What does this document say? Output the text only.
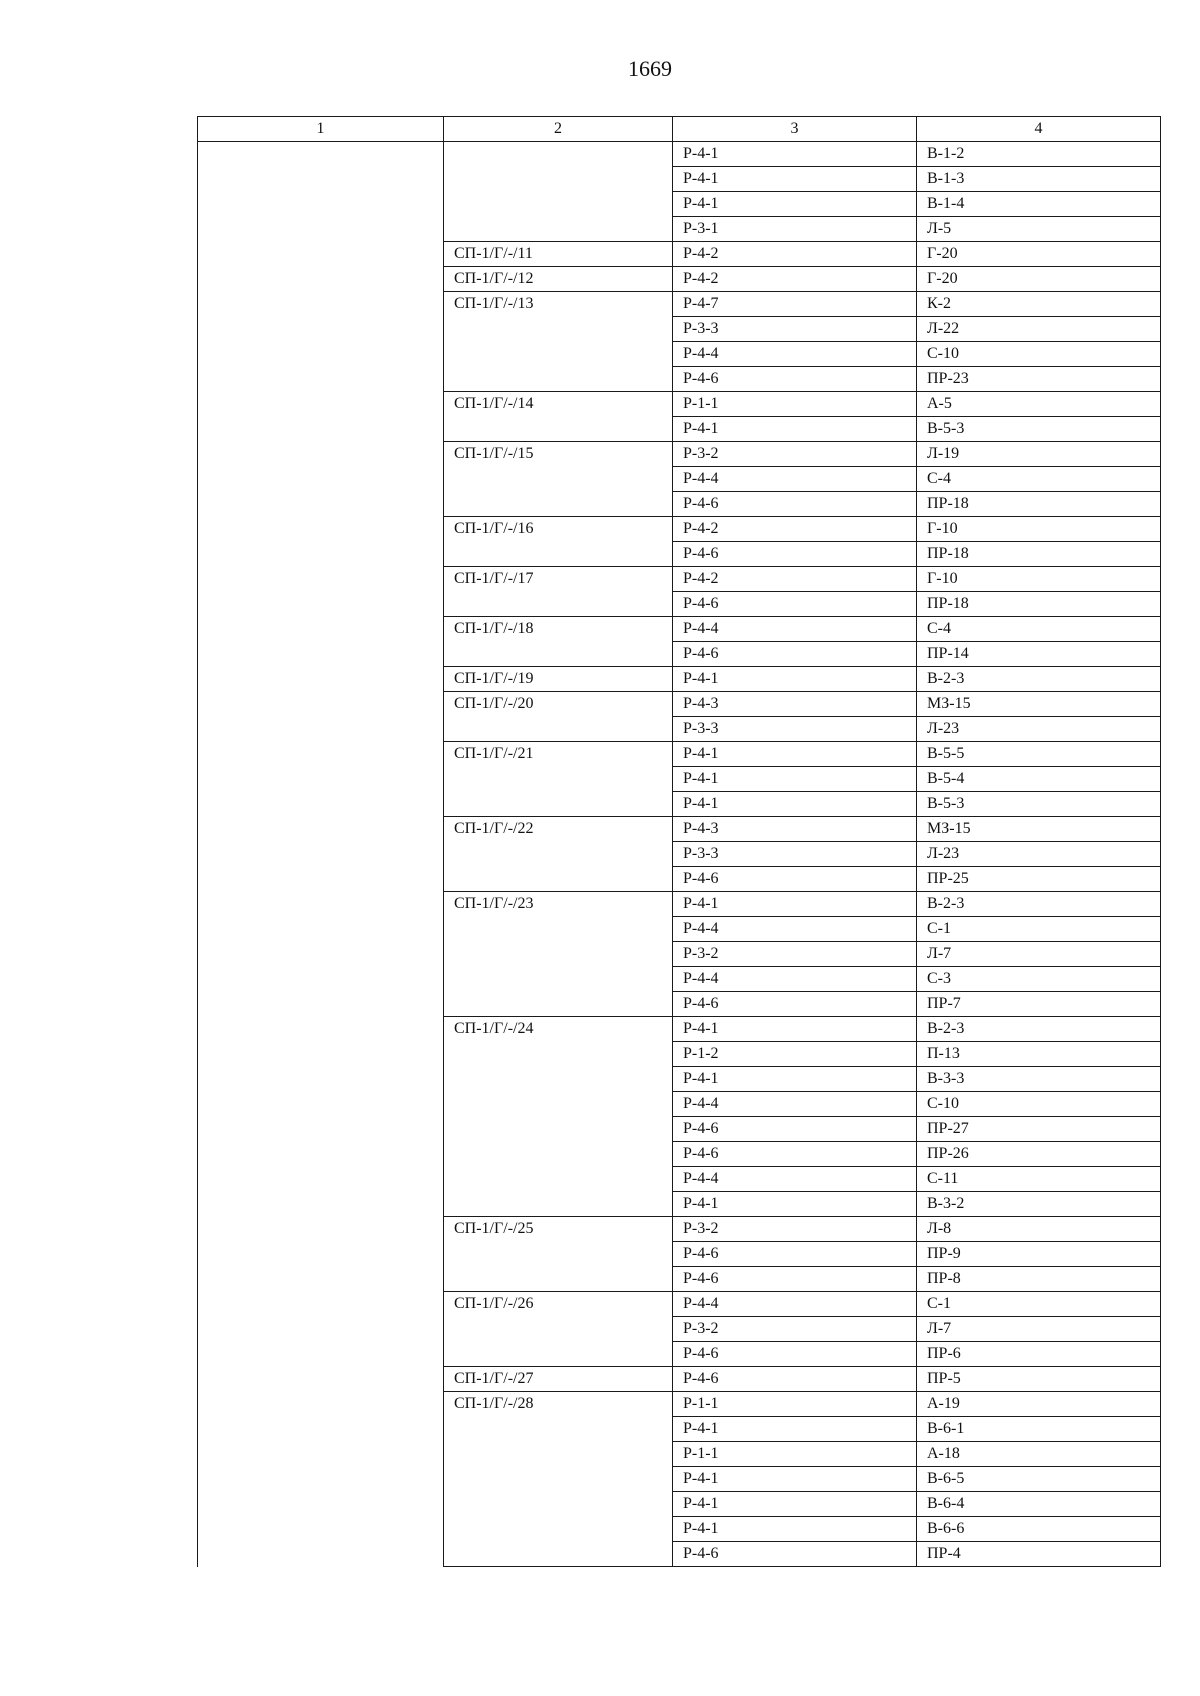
1669
1	2	3	4
		Р-4-1	В-1-2
		Р-4-1	В-1-3
		Р-4-1	В-1-4
		Р-3-1	Л-5
	СП-1/Г/-/11	Р-4-2	Г-20
	СП-1/Г/-/12	Р-4-2	Г-20
	СП-1/Г/-/13	Р-4-7	К-2
		Р-3-3	Л-22
		Р-4-4	С-10
		Р-4-6	ПР-23
	СП-1/Г/-/14	Р-1-1	А-5
		Р-4-1	В-5-3
	СП-1/Г/-/15	Р-3-2	Л-19
		Р-4-4	С-4
		Р-4-6	ПР-18
	СП-1/Г/-/16	Р-4-2	Г-10
		Р-4-6	ПР-18
	СП-1/Г/-/17	Р-4-2	Г-10
		Р-4-6	ПР-18
	СП-1/Г/-/18	Р-4-4	С-4
		Р-4-6	ПР-14
	СП-1/Г/-/19	Р-4-1	В-2-3
	СП-1/Г/-/20	Р-4-3	МЗ-15
		Р-3-3	Л-23
	СП-1/Г/-/21	Р-4-1	В-5-5
		Р-4-1	В-5-4
		Р-4-1	В-5-3
	СП-1/Г/-/22	Р-4-3	МЗ-15
		Р-3-3	Л-23
		Р-4-6	ПР-25
	СП-1/Г/-/23	Р-4-1	В-2-3
		Р-4-4	С-1
		Р-3-2	Л-7
		Р-4-4	С-3
		Р-4-6	ПР-7
	СП-1/Г/-/24	Р-4-1	В-2-3
		Р-1-2	П-13
		Р-4-1	В-3-3
		Р-4-4	С-10
		Р-4-6	ПР-27
		Р-4-6	ПР-26
		Р-4-4	С-11
		Р-4-1	В-3-2
	СП-1/Г/-/25	Р-3-2	Л-8
		Р-4-6	ПР-9
		Р-4-6	ПР-8
	СП-1/Г/-/26	Р-4-4	С-1
		Р-3-2	Л-7
		Р-4-6	ПР-6
	СП-1/Г/-/27	Р-4-6	ПР-5
	СП-1/Г/-/28	Р-1-1	А-19
		Р-4-1	В-6-1
		Р-1-1	А-18
		Р-4-1	В-6-5
		Р-4-1	В-6-4
		Р-4-1	В-6-6
		Р-4-6	ПР-4
